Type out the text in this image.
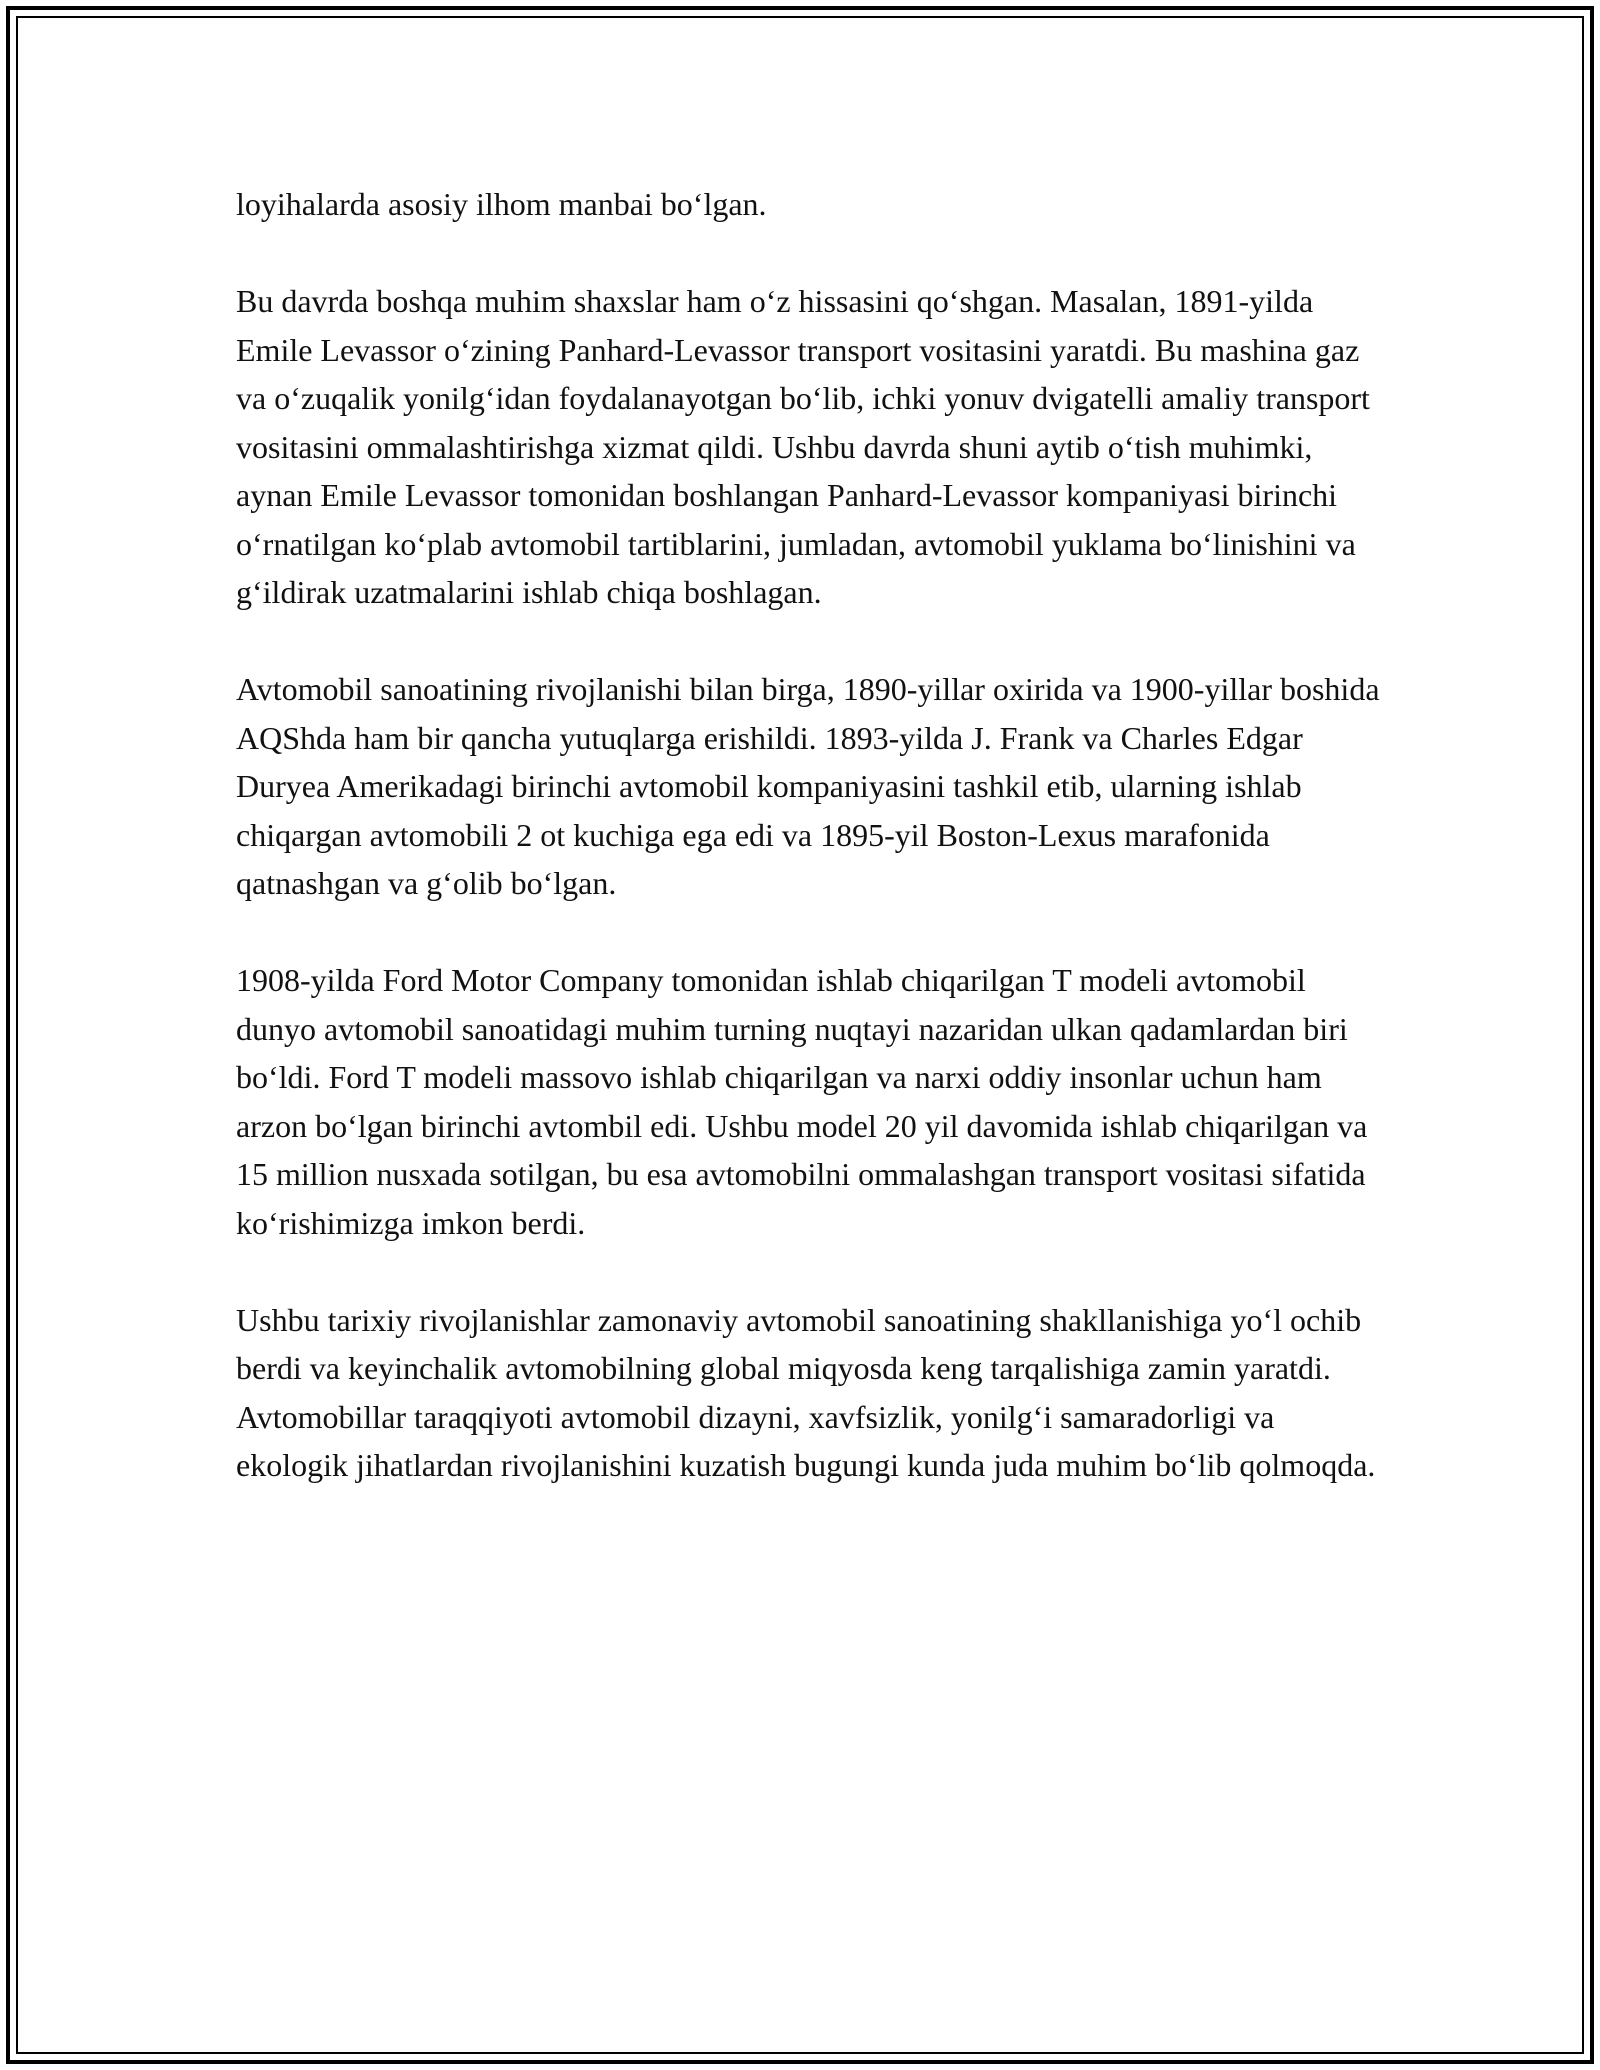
loyihalarda asosiy ilhom manbai bo‘lgan.

Bu davrda boshqa muhim shaxslar ham o‘z hissasini qo‘shgan. Masalan, 1891-yilda Emile Levassor o‘zining Panhard-Levassor transport vositasini yaratdi. Bu mashina gaz va o‘zuqalik yonilg‘idan foydalanayotgan bo‘lib, ichki yonuv dvigatelli amaliy transport vositasini ommalashtirishga xizmat qildi. Ushbu davrda shuni aytib o‘tish muhimki, aynan Emile Levassor tomonidan boshlangan Panhard-Levassor kompaniyasi birinchi o‘rnatilgan ko‘plab avtomobil tartiblarini, jumladan, avtomobil yuklama bo‘linishini va g‘ildirak uzatmalarini ishlab chiqa boshlagan.

Avtomobil sanoatining rivojlanishi bilan birga, 1890-yillar oxirida va 1900-yillar boshida AQShda ham bir qancha yutuqlarga erishildi. 1893-yilda J. Frank va Charles Edgar Duryea Amerikadagi birinchi avtomobil kompaniyasini tashkil etib, ularning ishlab chiqargan avtomobili 2 ot kuchiga ega edi va 1895-yil Boston-Lexus marafonida qatnashgan va g‘olib bo‘lgan.

1908-yilda Ford Motor Company tomonidan ishlab chiqarilgan T modeli avtomobil dunyo avtomobil sanoatidagi muhim turning nuqtayi nazaridan ulkan qadamlardan biri bo‘ldi. Ford T modeli massovo ishlab chiqarilgan va narxi oddiy insonlar uchun ham arzon bo‘lgan birinchi avtombil edi. Ushbu model 20 yil davomida ishlab chiqarilgan va 15 million nusxada sotilgan, bu esa avtomobilni ommalashgan transport vositasi sifatida ko‘rishimizga imkon berdi.

Ushbu tarixiy rivojlanishlar zamonaviy avtomobil sanoatining shakllanishiga yo‘l ochib berdi va keyinchalik avtomobilning global miqyosda keng tarqalishiga zamin yaratdi. Avtomobillar taraqqiyoti avtomobil dizayni, xavfsizlik, yonilg‘i samaradorligi va ekologik jihatlardan rivojlanishini kuzatish bugungi kunda juda muhim bo‘lib qolmoqda.
